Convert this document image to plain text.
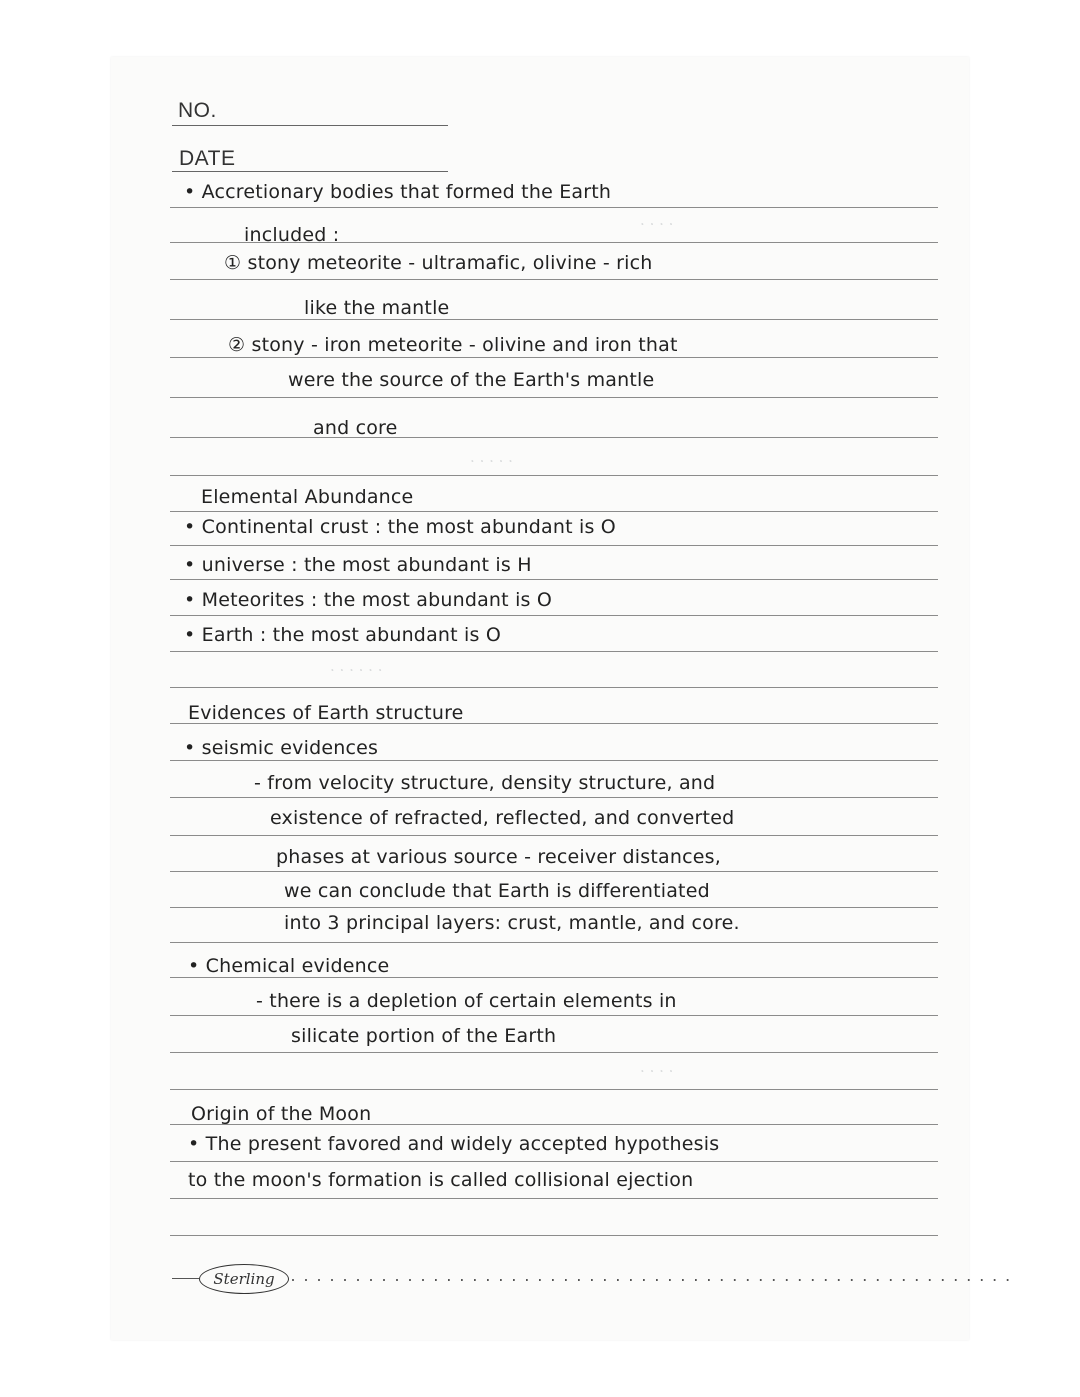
· · · ·
· · · · ·
· · · · · ·
· · · ·
NO.
DATE
• Accretionary bodies that formed the Earth
included :
① stony meteorite - ultramafic, olivine - rich
like the mantle
② stony - iron meteorite - olivine and iron that
were the source of the Earth's mantle
and core
Elemental Abundance
• Continental crust : the most abundant is O
• universe : the most abundant is H
• Meteorites : the most abundant is O
• Earth : the most abundant is O
Evidences of Earth structure
• seismic evidences
- from velocity structure, density structure, and
existence of refracted, reflected, and converted
phases at various source - receiver distances,
we can conclude that Earth is differentiated
into 3 principal layers: crust, mantle, and core.
• Chemical evidence
- there is a depletion of certain elements in
silicate portion of the Earth
Origin of the Moon
• The present favored and widely accepted hypothesis
to the moon's formation is called collisional ejection
Sterling ························································
